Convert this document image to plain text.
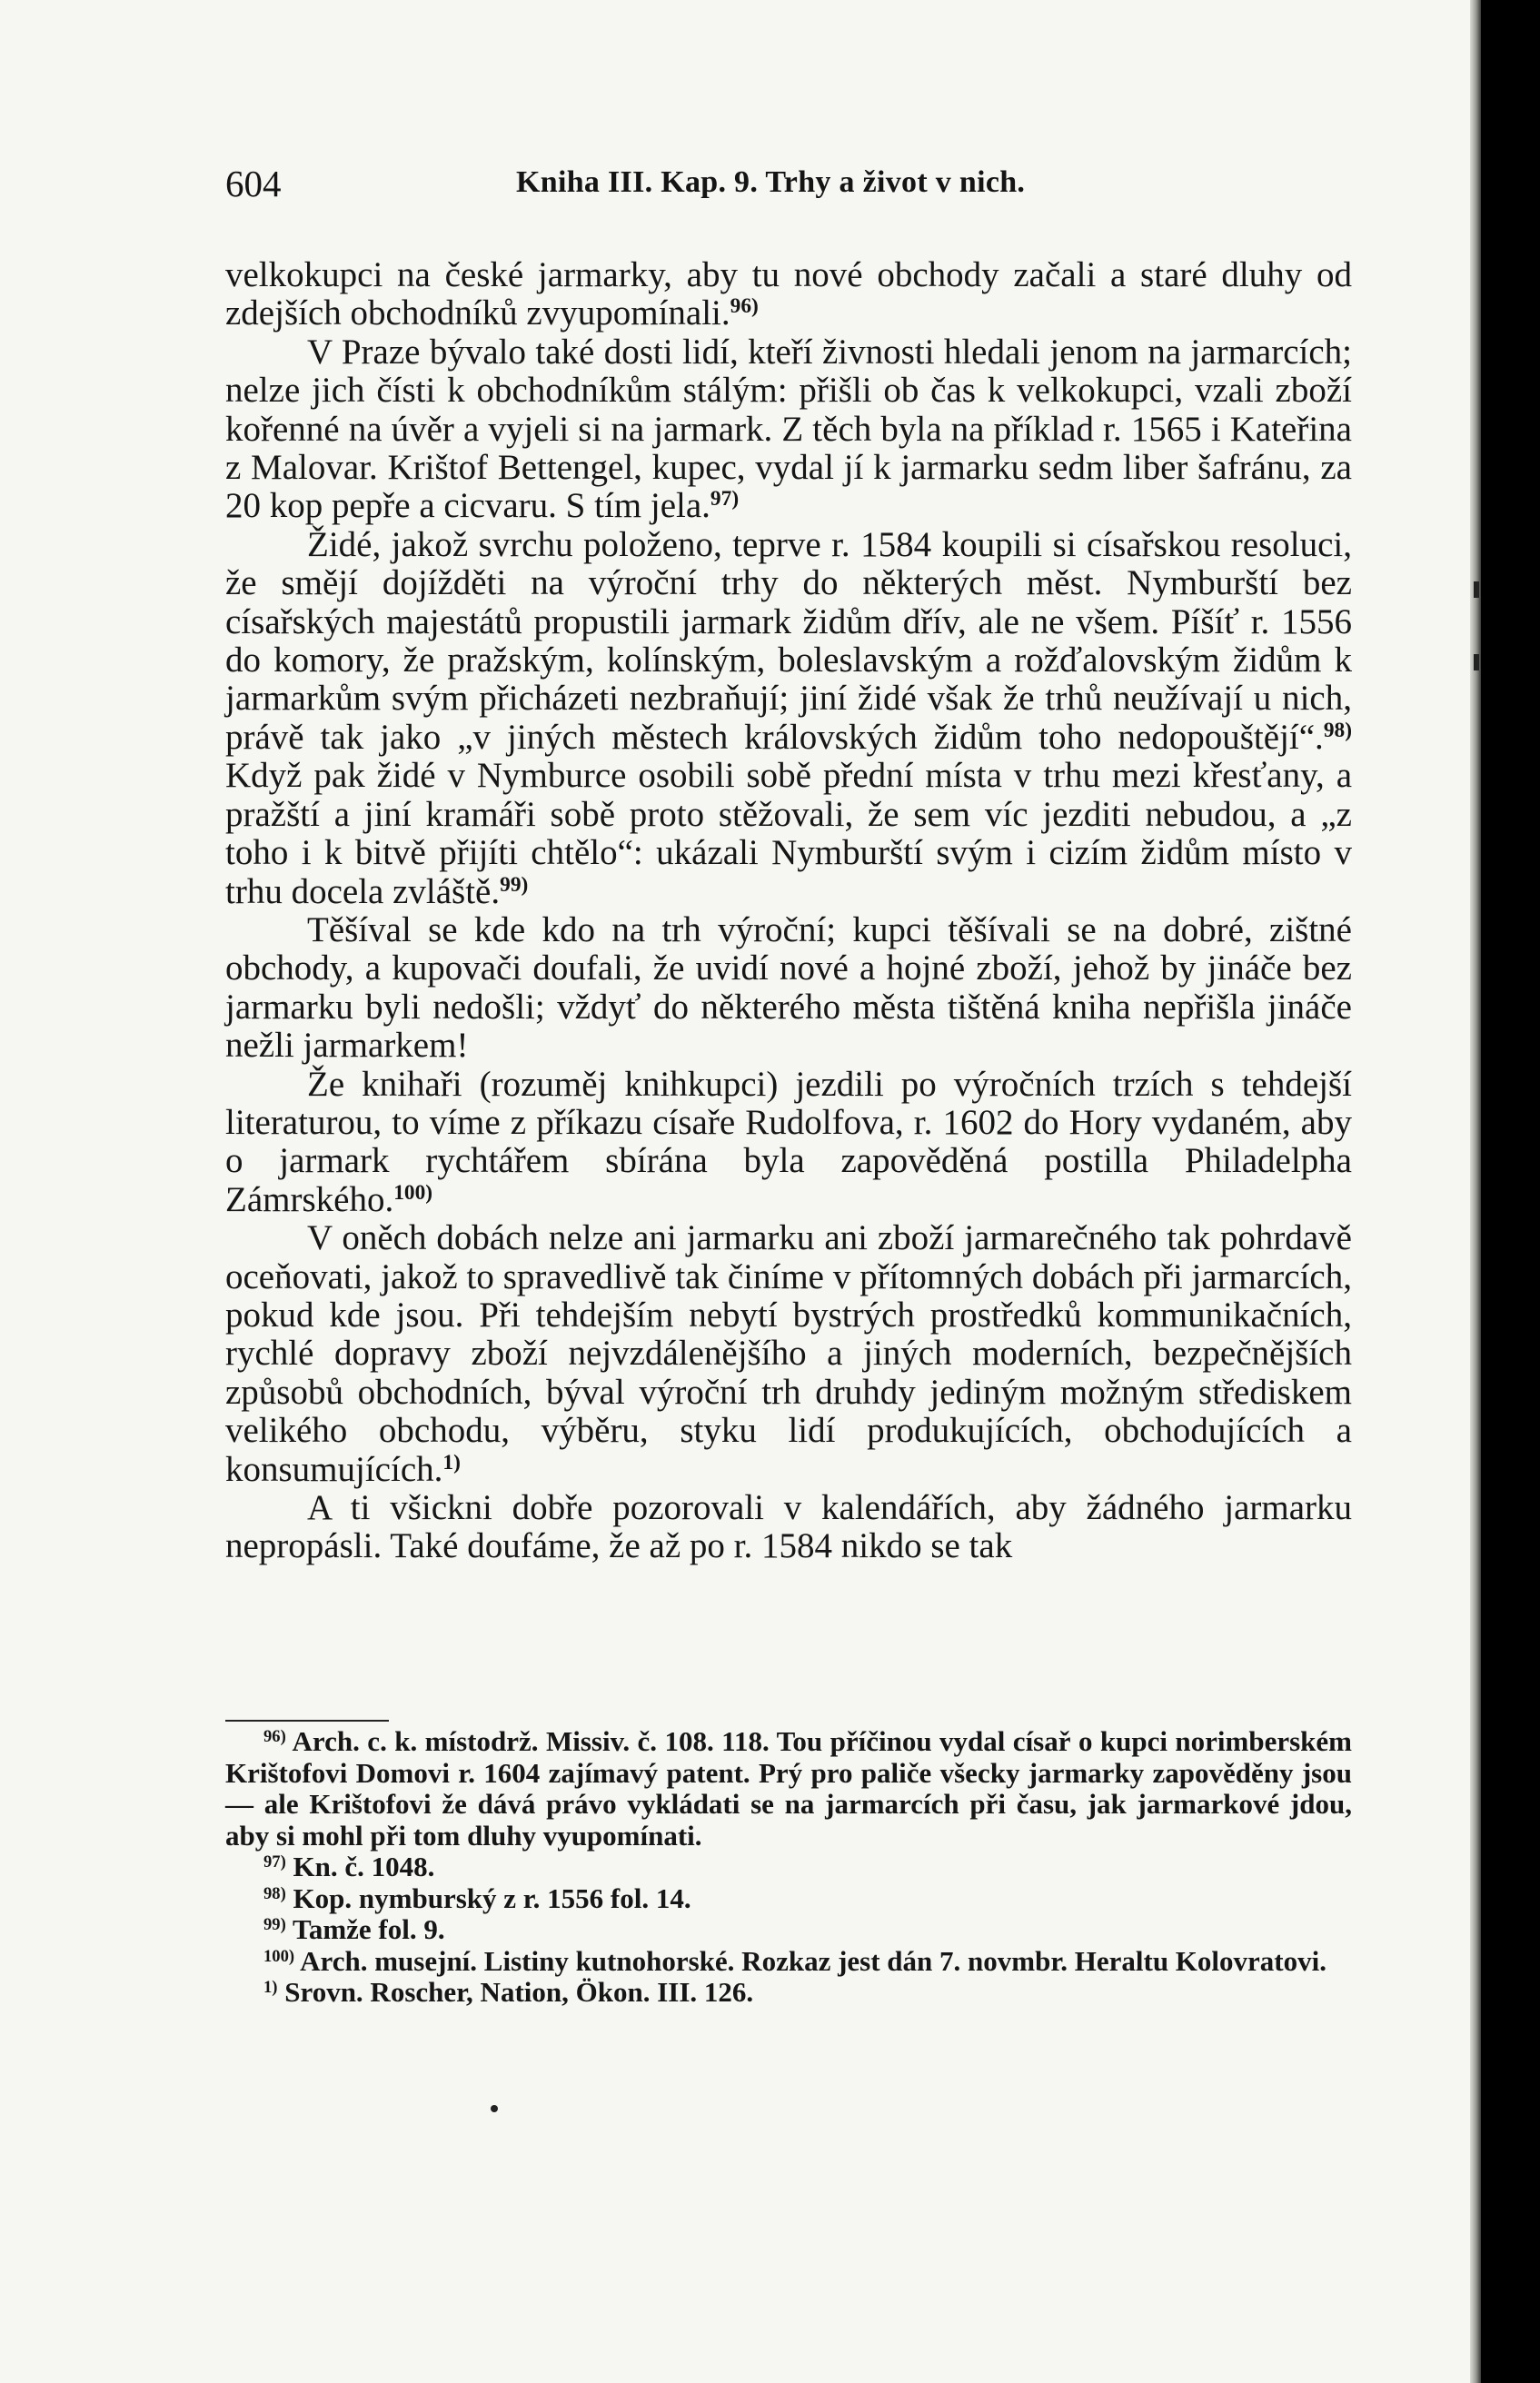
604	Kniha III. Kap. 9. Trhy a život v nich.

velkokupci na české jarmarky, aby tu nové obchody začali a staré dluhy od zdejších obchodníků zvyupomínali.$^{96)}$

V Praze bývalo také dosti lidí, kteří živnosti hledali jenom na jarmarcích; nelze jich čísti k obchodníkům stálým: přišli ob čas k velkokupci, vzali zboží kořenné na úvěr a vyjeli si na jarmark. Z těch byla na příklad r. 1565 i Kateřina z Malovar. Krištof Bettengel, kupec, vydal jí k jarmarku sedm liber šafránu, za 20 kop pepře a cicvaru. S tím jela.$^{97)}$

Židé, jakož svrchu položeno, teprve r. 1584 koupili si císařskou resoluci, že smějí dojížděti na výroční trhy do některých měst. Nymburští bez císařských majestátů propustili jarmark židům dřív, ale ne všem. Píšíť r. 1556 do komory, že pražským, kolínským, boleslavským a rožďalovským židům k jarmarkům svým přicházeti nezbraňují; jiní židé však že trhů neužívají u nich, právě tak jako „v jiných městech královských židům toho nedopouštějí“.$^{98)}$ Když pak židé v Nymburce osobili sobě přední místa v trhu mezi křesťany, a pražští a jiní kramáři sobě proto stěžovali, že sem víc jezditi nebudou, a „z toho i k bitvě přijíti chtělo“: ukázali Nymburští svým i cizím židům místo v trhu docela zvláště.$^{99)}$

Těšíval se kde kdo na trh výroční; kupci těšívali se na dobré, zištné obchody, a kupovači doufali, že uvidí nové a hojné zboží, jehož by jináče bez jarmarku byli nedošli; vždyť do některého města tištěná kniha nepřišla jináče nežli jarmarkem!

Že knihaři (rozuměj knihkupci) jezdili po výročních trzích s tehdejší literaturou, to víme z příkazu císaře Rudolfova, r. 1602 do Hory vydaném, aby o jarmark rychtářem sbírána byla zapověděná postilla Philadelpha Zámrského.$^{100)}$

V oněch dobách nelze ani jarmarku ani zboží jarmarečného tak pohrdavě oceňovati, jakož to spravedlivě tak činíme v přítomných dobách při jarmarcích, pokud kde jsou. Při tehdejším nebytí bystrých prostředků kommunikačních, rychlé dopravy zboží nejvzdálenějšího a jiných moderních, bezpečnějších způsobů obchodních, býval výroční trh druhdy jediným možným střediskem velikého obchodu, výběru, styku lidí produkujících, obchodujících a konsumujících.$^{1)}$

A ti všickni dobře pozorovali v kalendářích, aby žádného jarmarku nepropásli. Také doufáme, že až po r. 1584 nikdo se tak

$^{96)}$ Arch. c. k. místodrž. Missiv. č. 108. 118. Tou příčinou vydal císař o kupci norimberském Krištofovi Domovi r. 1604 zajímavý patent. Prý pro paliče všecky jarmarky zapověděny jsou — ale Krištofovi že dává právo vykládati se na jarmarcích při času, jak jarmarkové jdou, aby si mohl při tom dluhy vyupomínati.

$^{97)}$ Kn. č. 1048.

$^{98)}$ Kop. nymburský z r. 1556 fol. 14.

$^{99)}$ Tamže fol. 9.

$^{100)}$ Arch. musejní. Listiny kutnohorské. Rozkaz jest dán 7. novmbr. Heraltu Kolovratovi.

$^{1)}$ Srovn. Roscher, Nation, Ökon. III. 126.
